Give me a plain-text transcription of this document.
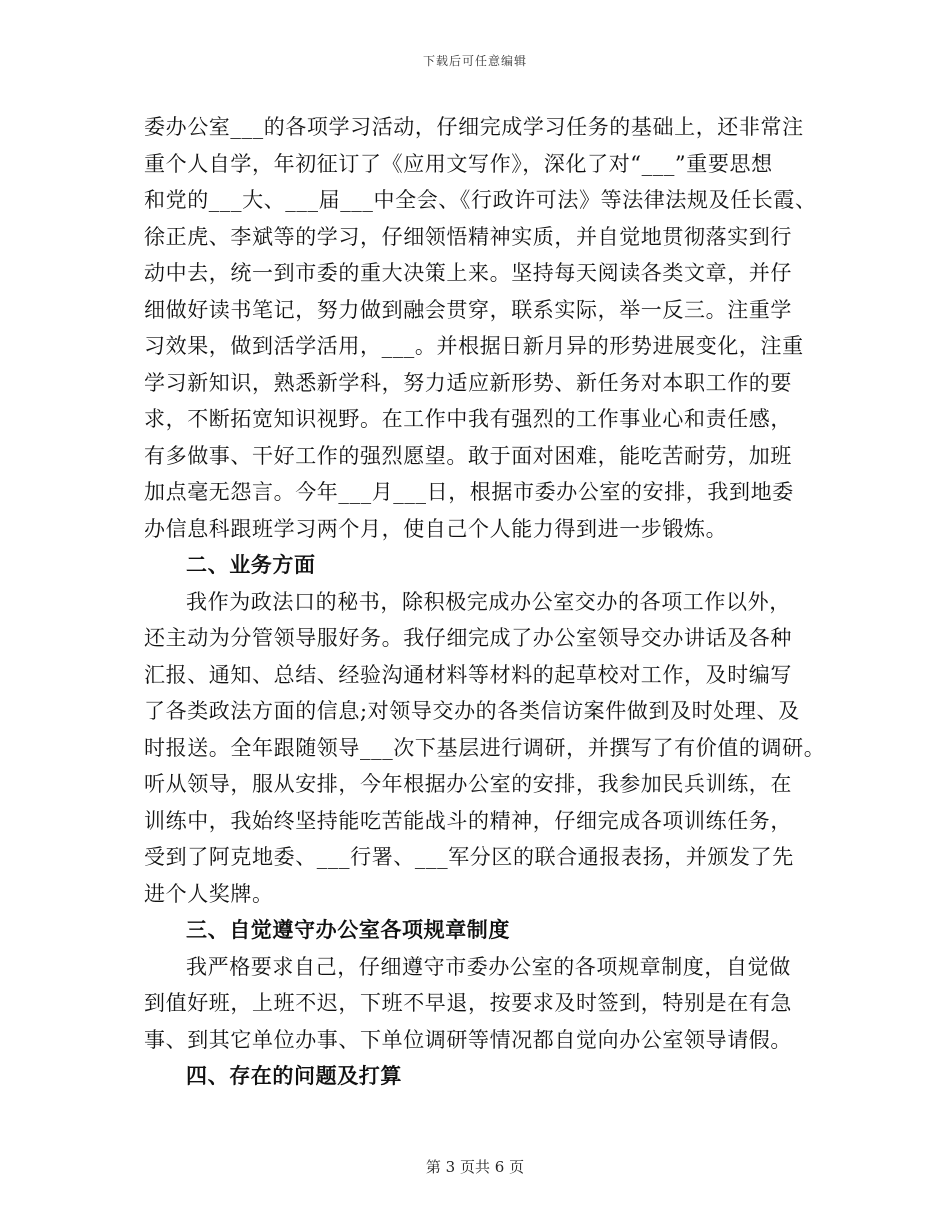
下载后可任意编辑
委办公室___的各项学习活动，仔细完成学习任务的基础上，还非常注
重个人自学，年初征订了《应用文写作》，深化了对“___”重要思想
和党的___大、___届___中全会、《行政许可法》等法律法规及任长霞、
徐正虎、李斌等的学习，仔细领悟精神实质，并自觉地贯彻落实到行
动中去，统一到市委的重大决策上来。坚持每天阅读各类文章，并仔
细做好读书笔记，努力做到融会贯穿，联系实际，举一反三。注重学
习效果，做到活学活用，___。并根据日新月异的形势进展变化，注重
学习新知识，熟悉新学科，努力适应新形势、新任务对本职工作的要
求，不断拓宽知识视野。在工作中我有强烈的工作事业心和责任感，
有多做事、干好工作的强烈愿望。敢于面对困难，能吃苦耐劳，加班
加点毫无怨言。今年___月___日，根据市委办公室的安排，我到地委
办信息科跟班学习两个月，使自己个人能力得到进一步锻炼。
二、业务方面
我作为政法口的秘书，除积极完成办公室交办的各项工作以外，
还主动为分管领导服好务。我仔细完成了办公室领导交办讲话及各种
汇报、通知、总结、经验沟通材料等材料的起草校对工作，及时编写
了各类政法方面的信息;对领导交办的各类信访案件做到及时处理、及
时报送。全年跟随领导___次下基层进行调研，并撰写了有价值的调研。
听从领导，服从安排，今年根据办公室的安排，我参加民兵训练，在
训练中，我始终坚持能吃苦能战斗的精神，仔细完成各项训练任务，
受到了阿克地委、___行署、___军分区的联合通报表扬，并颁发了先
进个人奖牌。
三、自觉遵守办公室各项规章制度
我严格要求自己，仔细遵守市委办公室的各项规章制度，自觉做
到值好班，上班不迟，下班不早退，按要求及时签到，特别是在有急
事、到其它单位办事、下单位调研等情况都自觉向办公室领导请假。
四、存在的问题及打算
第 3 页共 6 页
